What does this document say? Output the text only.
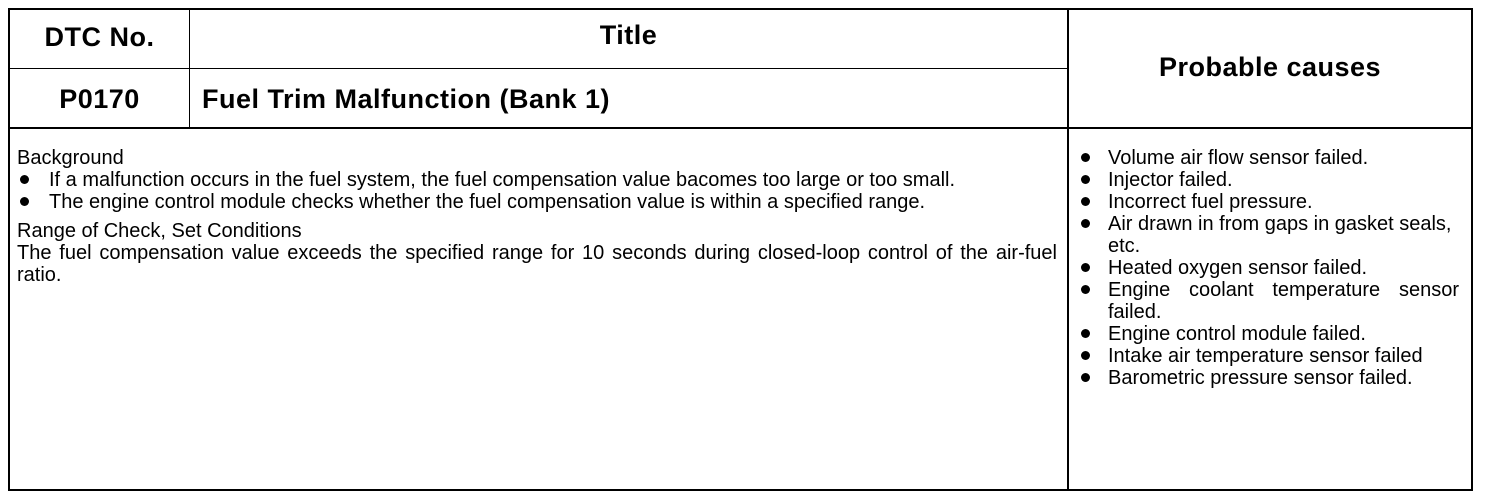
DTC No.	Title
Probable causes
P0170	Fuel Trim Malfunction (Bank 1)
Background
If a malfunction occurs in the fuel system, the fuel compensation value bacomes too large or too small.
The engine control module checks whether the fuel compensation value is within a specified range.
Range of Check, Set Conditions
The fuel compensation value exceeds the specified range for 10 seconds during closed-loop control of the air-fuel ratio.
Volume air flow sensor failed.
Injector failed.
Incorrect fuel pressure.
Air drawn in from gaps in gasket seals, etc.
Heated oxygen sensor failed.
Engine coolant temperature sensor failed.
Engine control module failed.
Intake air temperature sensor failed
Barometric pressure sensor failed.
